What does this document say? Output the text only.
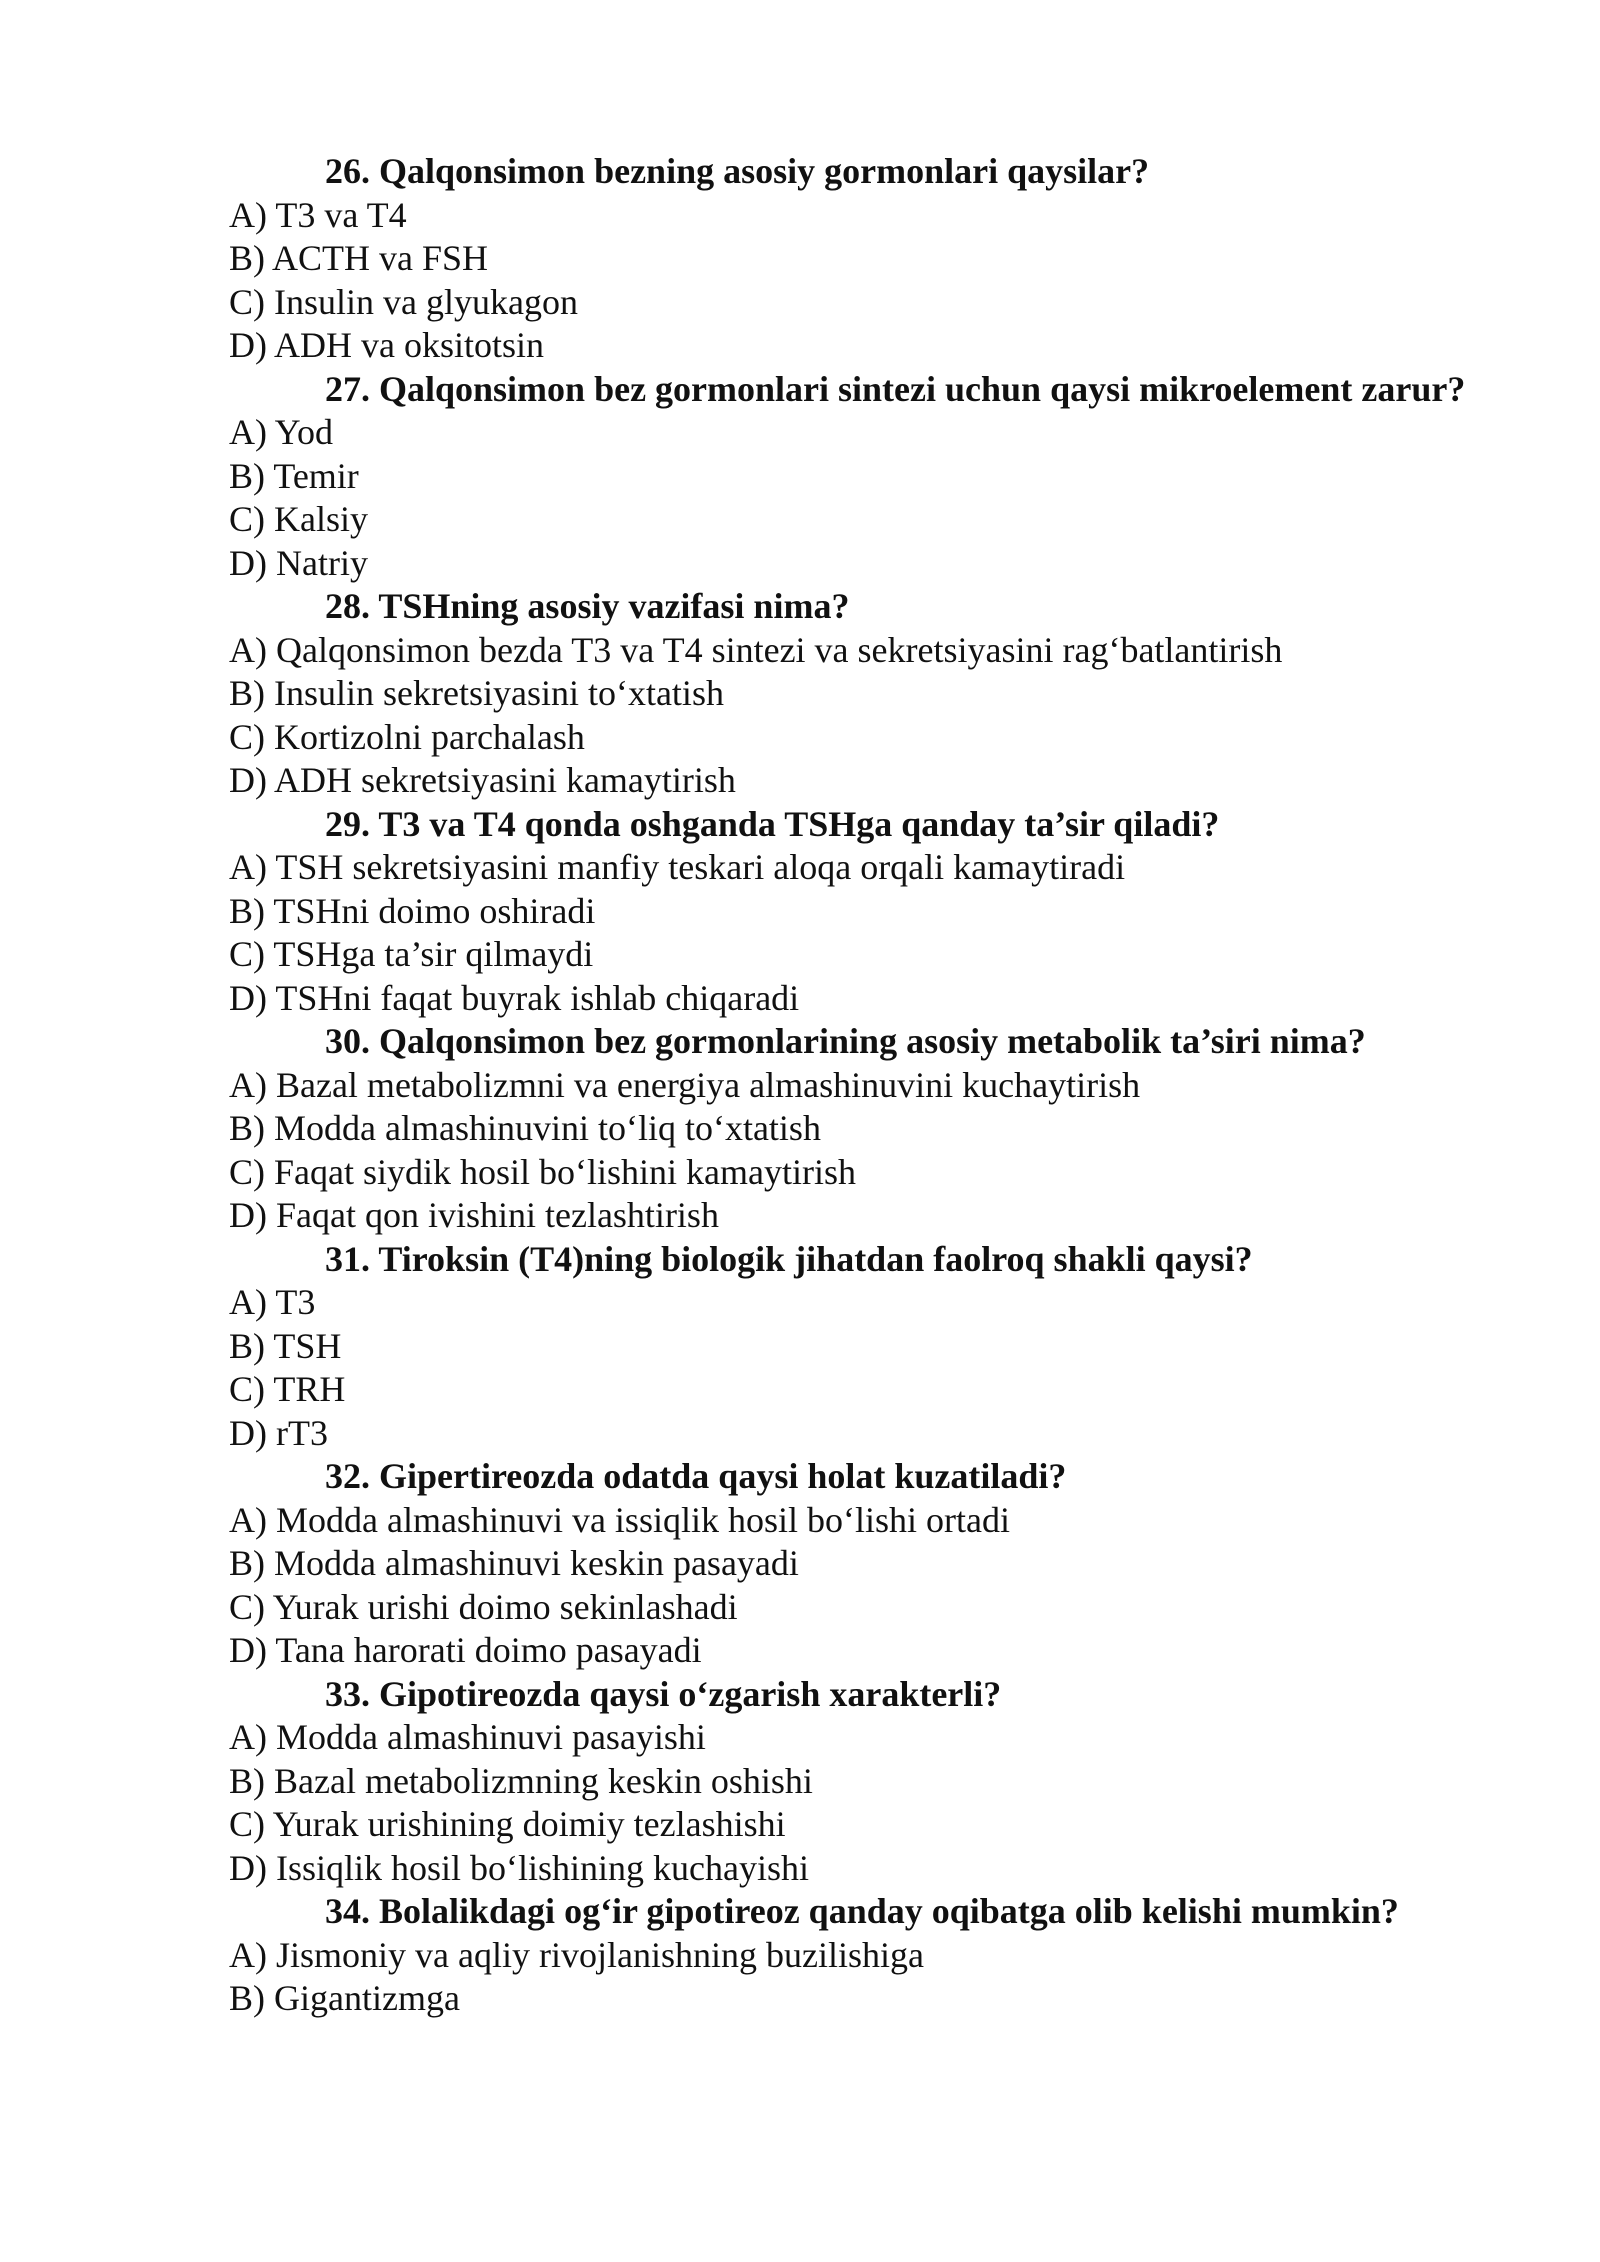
26. Qalqonsimon bezning asosiy gormonlari qaysilar?

A) T3 va T4

B) ACTH va FSH

C) Insulin va glyukagon

D) ADH va oksitotsin

27. Qalqonsimon bez gormonlari sintezi uchun qaysi mikroelement zarur?

A) Yod

B) Temir

C) Kalsiy

D) Natriy

28. TSHning asosiy vazifasi nima?

A) Qalqonsimon bezda T3 va T4 sintezi va sekretsiyasini rag‘batlantirish

B) Insulin sekretsiyasini to‘xtatish

C) Kortizolni parchalash

D) ADH sekretsiyasini kamaytirish

29. T3 va T4 qonda oshganda TSHga qanday ta’sir qiladi?

A) TSH sekretsiyasini manfiy teskari aloqa orqali kamaytiradi

B) TSHni doimo oshiradi

C) TSHga ta’sir qilmaydi

D) TSHni faqat buyrak ishlab chiqaradi

30. Qalqonsimon bez gormonlarining asosiy metabolik ta’siri nima?

A) Bazal metabolizmni va energiya almashinuvini kuchaytirish

B) Modda almashinuvini to‘liq to‘xtatish

C) Faqat siydik hosil bo‘lishini kamaytirish

D) Faqat qon ivishini tezlashtirish

31. Tiroksin (T4)ning biologik jihatdan faolroq shakli qaysi?

A) T3

B) TSH

C) TRH

D) rT3

32. Gipertireozda odatda qaysi holat kuzatiladi?

A) Modda almashinuvi va issiqlik hosil bo‘lishi ortadi

B) Modda almashinuvi keskin pasayadi

C) Yurak urishi doimo sekinlashadi

D) Tana harorati doimo pasayadi

33. Gipotireozda qaysi o‘zgarish xarakterli?

A) Modda almashinuvi pasayishi

B) Bazal metabolizmning keskin oshishi

C) Yurak urishining doimiy tezlashishi

D) Issiqlik hosil bo‘lishining kuchayishi

34. Bolalikdagi og‘ir gipotireoz qanday oqibatga olib kelishi mumkin?

A) Jismoniy va aqliy rivojlanishning buzilishiga

B) Gigantizmga
